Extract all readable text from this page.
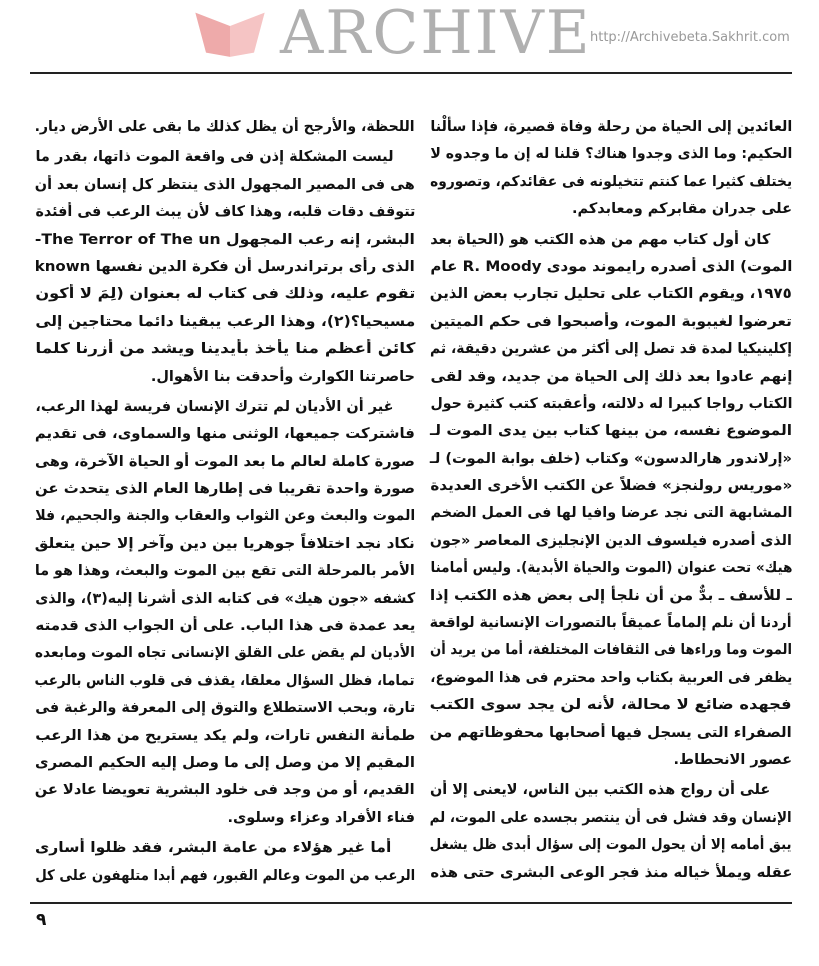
ARCHIVE
http://Archivebeta.Sakhrit.com
العائدين إلى الحياة من رحلة وفاة قصيرة، فإذا سألْنا
الحكيم: وما الذى وجدوا هناك؟ قلنا له إن ما وجدوه لا
يختلف كثيرا عما كنتم تتخيلونه فى عقائدكم، وتصوروه
على جدران مقابركم ومعابدكم.
كان أول كتاب مهم من هذه الكتب هو (الحياة بعد
الموت) الذى أصدره رايموند مودى R. Moody عام
١٩٧٥، ويقوم الكتاب على تحليل تجارب بعض الذين
تعرضوا لغيبوبة الموت، وأصبحوا فى حكم الميتين
إكلينيكيا لمدة قد تصل إلى أكثر من عشرين دقيقة، ثم
إنهم عادوا بعد ذلك إلى الحياة من جديد، وقد لقى
الكتاب رواجا كبيرا له دلالته، وأعقبته كتب كثيرة حول
الموضوع نفسه، من بينها كتاب بين يدى الموت لـ
«إرلاندور هارالدسون» وكتاب (خلف بوابة الموت) لـ
«موريس رولنجز» فضلاً عن الكتب الأخرى العديدة
المشابهة التى نجد عرضا وافيا لها فى العمل الضخم
الذى أصدره فيلسوف الدين الإنجليزى المعاصر «جون
هيك» تحت عنوان (الموت والحياة الأبدية). وليس أمامنا
ـ للأسف ـ بدٌّ من أن نلجأ إلى بعض هذه الكتب إذا
أردنا أن نلم إلماماً عميقاً بالتصورات الإنسانية لواقعة
الموت وما وراءها فى الثقافات المختلفة، أما من يريد أن
يظفر فى العربية بكتاب واحد محترم فى هذا الموضوع،
فجهده ضائع لا محالة، لأنه لن يجد سوى الكتب
الصفراء التى يسجل فيها أصحابها محفوظاتهم من
عصور الانحطاط.
على أن رواج هذه الكتب بين الناس، لايعنى إلا أن
الإنسان وقد فشل فى أن ينتصر بجسده على الموت، لم
يبق أمامه إلا أن يحول الموت إلى سؤال أبدى ظل يشغل
عقله ويملأ خياله منذ فجر الوعى البشرى حتى هذه
اللحظة، والأرجح أن يظل كذلك ما بقى على الأرض ديار.
ليست المشكلة إذن فى واقعة الموت ذاتها، بقدر ما
هى فى المصير المجهول الذى ينتظر كل إنسان بعد أن
تتوقف دقات قلبه، وهذا كاف لأن يبث الرعب فى أفئدة
البشر، إنه رعب المجهول The Terror of The un-
الذى رأى برتراندرسل أن فكرة الدين نفسها known
تقوم عليه، وذلك فى كتاب له بعنوان (لِمَ لا أكون
مسيحيا؟(٢)، وهذا الرعب يبقينا دائما محتاجين إلى
كائن أعظم منا يأخذ بأيدينا ويشد من أزرنا كلما
حاصرتنا الكوارث وأحدقت بنا الأهوال.
غير أن الأديان لم تترك الإنسان فريسة لهذا الرعب،
فاشتركت جميعها، الوثنى منها والسماوى، فى تقديم
صورة كاملة لعالم ما بعد الموت أو الحياة الآخرة، وهى
صورة واحدة تقريبا فى إطارها العام الذى يتحدث عن
الموت والبعث وعن الثواب والعقاب والجنة والجحيم، فلا
نكاد نجد اختلافاً جوهريا بين دين وآخر إلا حين يتعلق
الأمر بالمرحلة التى تقع بين الموت والبعث، وهذا هو ما
كشفه «جون هيك» فى كتابه الذى أشرنا إليه(٣)، والذى
يعد عمدة فى هذا الباب. على أن الجواب الذى قدمته
الأديان لم يقض على القلق الإنسانى تجاه الموت ومابعده
تماما، فظل السؤال معلقا، يقذف فى قلوب الناس بالرعب
تارة، وبحب الاستطلاع والتوق إلى المعرفة والرغبة فى
طمأنة النفس تارات، ولم يكد يستريح من هذا الرعب
المقيم إلا من وصل إلى ما وصل إليه الحكيم المصرى
القديم، أو من وجد فى خلود البشرية تعويضا عادلا عن
فناء الأفراد وعزاء وسلوى.
أما غير هؤلاء من عامة البشر، فقد ظلوا أسارى
الرعب من الموت وعالم القبور، فهم أبدا متلهفون على كل
٩
